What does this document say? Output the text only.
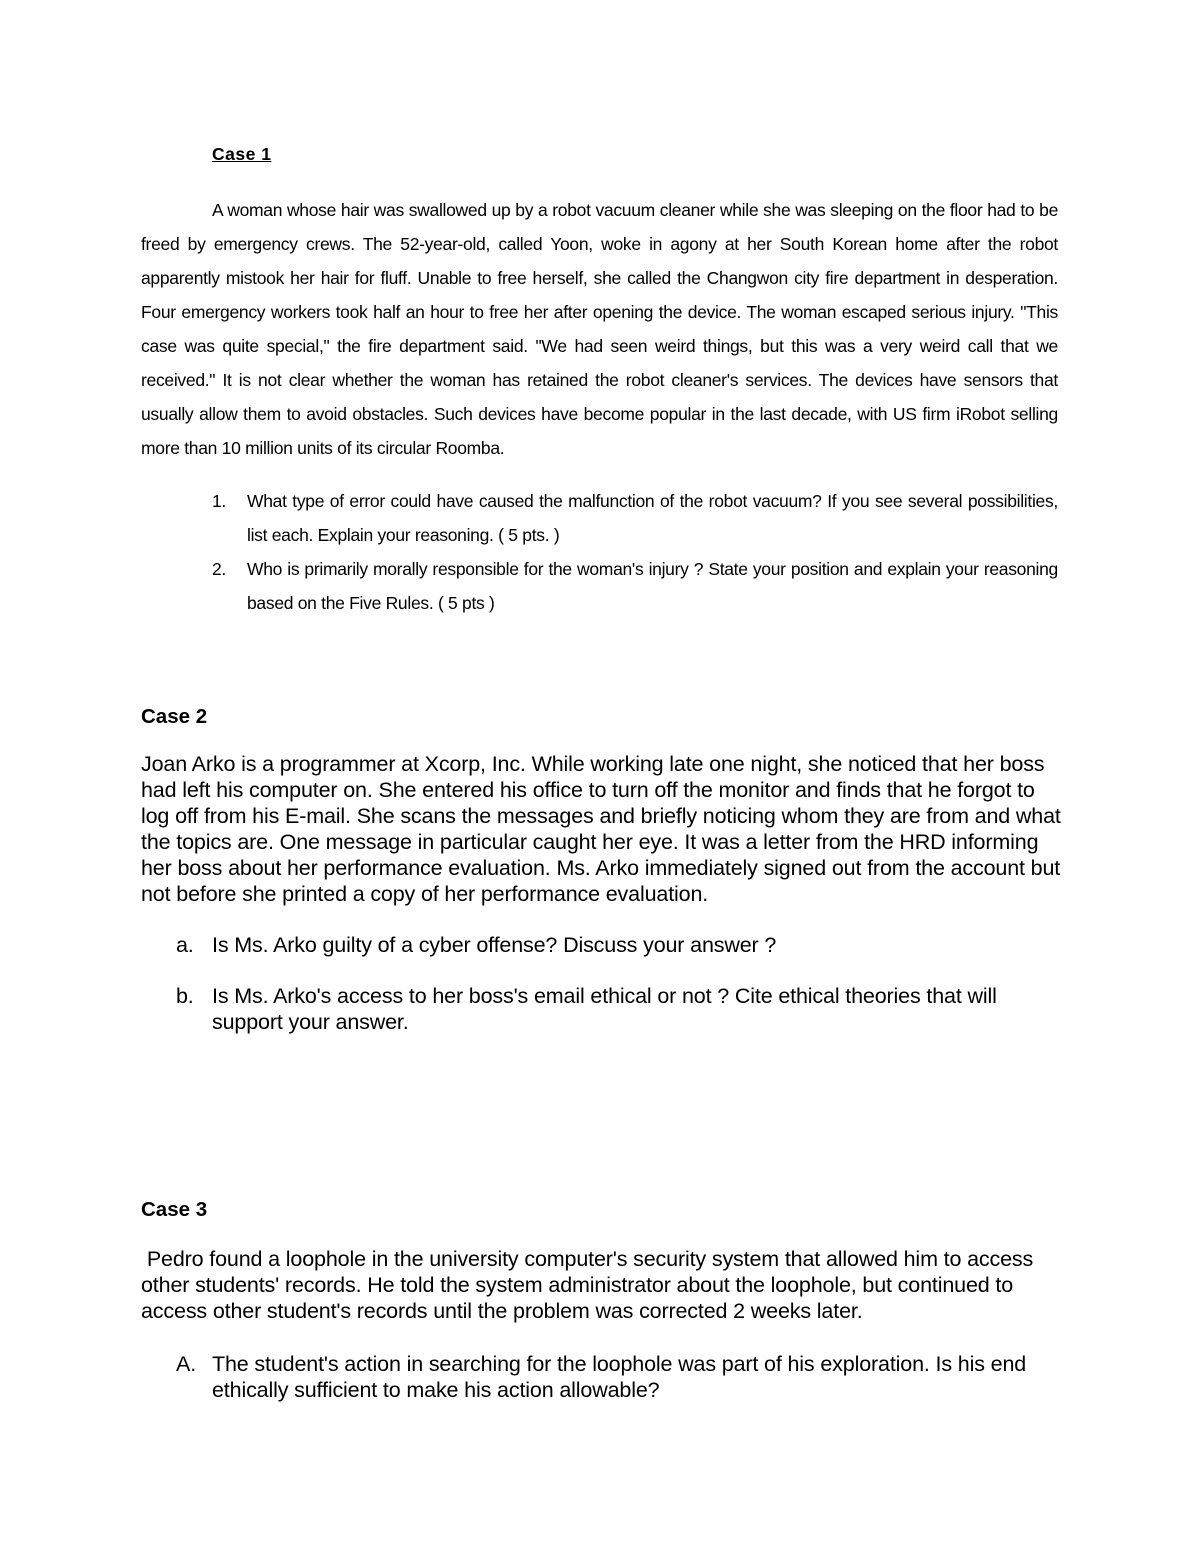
Case 1

A woman whose hair was swallowed up by a robot vacuum cleaner while she was sleeping on the floor had to be freed by emergency crews. The 52-year-old, called Yoon, woke in agony at her South Korean home after the robot apparently mistook her hair for fluff. Unable to free herself, she called the Changwon city fire department in desperation. Four emergency workers took half an hour to free her after opening the device. The woman escaped serious injury. "This case was quite special," the fire department said. "We had seen weird things, but this was a very weird call that we received." It is not clear whether the woman has retained the robot cleaner's services. The devices have sensors that usually allow them to avoid obstacles. Such devices have become popular in the last decade, with US firm iRobot selling more than 10 million units of its circular Roomba.

1. What type of error could have caused the malfunction of the robot vacuum? If you see several possibilities, list each. Explain your reasoning. ( 5 pts. )
2. Who is primarily morally responsible for the woman's injury ? State your position and explain your reasoning based on the Five Rules. ( 5 pts )
Case 2

Joan Arko is a programmer at Xcorp, Inc. While working late one night, she noticed that her boss had left his computer on. She entered his office to turn off the monitor and finds that he forgot to log off from his E-mail. She scans the messages and briefly noticing whom they are from and what the topics are. One message in particular caught her eye. It was a letter from the HRD informing her boss about her performance evaluation. Ms. Arko immediately signed out from the account but not before she printed a copy of her performance evaluation.

a. Is Ms. Arko guilty of a cyber offense? Discuss your answer ?
b. Is Ms. Arko's access to her boss's email ethical or not ? Cite ethical theories that will support your answer.
Case 3

Pedro found a loophole in the university computer's security system that allowed him to access other students' records. He told the system administrator about the loophole, but continued to access other student's records until the problem was corrected 2 weeks later.

A. The student's action in searching for the loophole was part of his exploration. Is his end ethically sufficient to make his action allowable?
